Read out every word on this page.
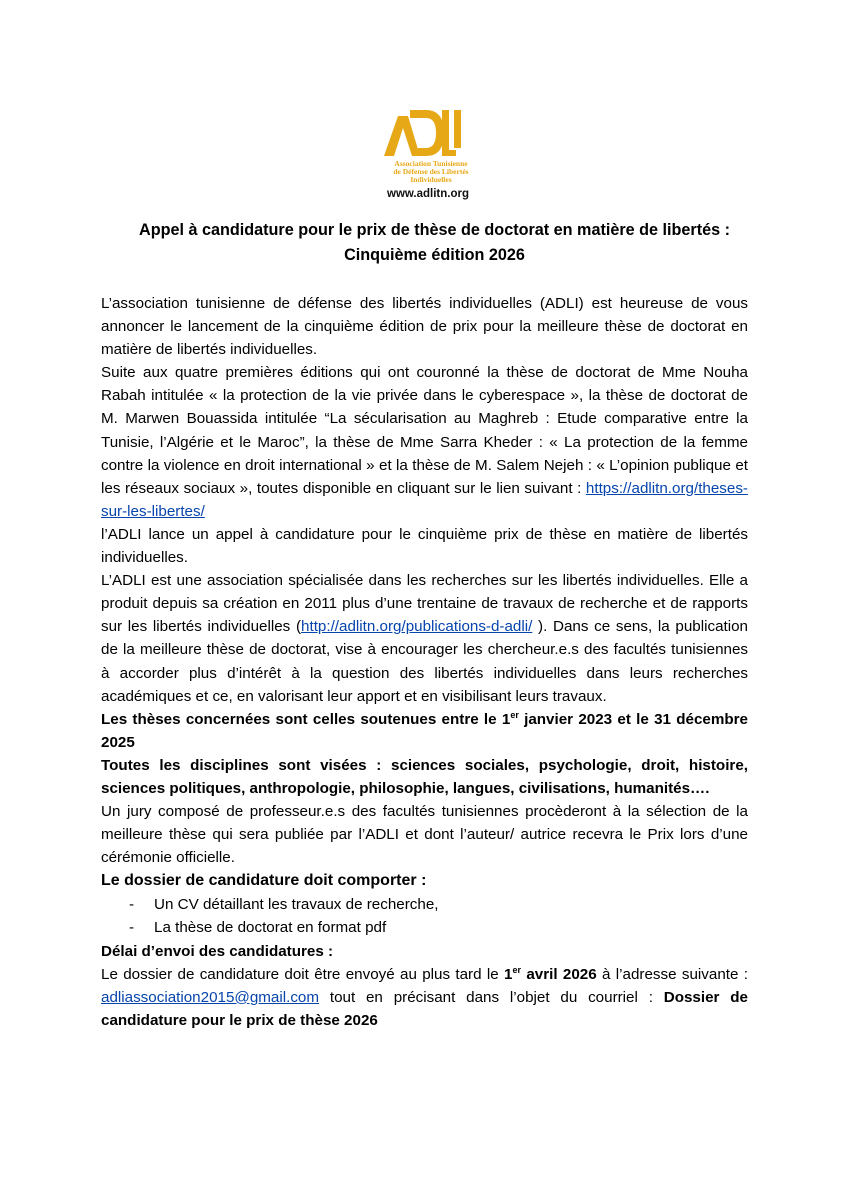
Association Tunisienne
de Défense des Libertés
Individuelles
www.adlitn.org
Appel à candidature pour le prix de thèse de doctorat en matière de libertés :
Cinquième édition 2026

L’association tunisienne de défense des libertés individuelles (ADLI) est heureuse de vous annoncer le lancement de la cinquième édition de prix pour la meilleure thèse de doctorat en matière de libertés individuelles.

Suite aux quatre premières éditions qui ont couronné la thèse de doctorat de Mme Nouha Rabah intitulée « la protection de la vie privée dans le cyberespace », la thèse de doctorat de M. Marwen Bouassida intitulée “La sécularisation au Maghreb : Etude comparative entre la Tunisie, l’Algérie et le Maroc”, la thèse de Mme Sarra Kheder : « La protection de la femme contre la violence en droit international » et la thèse de M. Salem Nejeh : « L’opinion publique et les réseaux sociaux », toutes disponible en cliquant sur le lien suivant : https://adlitn.org/theses-sur-les-libertes/

l’ADLI lance un appel à candidature pour le cinquième prix de thèse en matière de libertés individuelles.

L’ADLI est une association spécialisée dans les recherches sur les libertés individuelles. Elle a produit depuis sa création en 2011 plus d’une trentaine de travaux de recherche et de rapports sur les libertés individuelles (http://adlitn.org/publications-d-adli/ ). Dans ce sens, la publication de la meilleure thèse de doctorat, vise à encourager les chercheur.e.s des facultés tunisiennes à accorder plus d’intérêt à la question des libertés individuelles dans leurs recherches académiques et ce, en valorisant leur apport et en visibilisant leurs travaux.

Les thèses concernées sont celles soutenues entre le 1er janvier 2023 et le 31 décembre 2025

Toutes les disciplines sont visées : sciences sociales, psychologie, droit, histoire, sciences politiques, anthropologie, philosophie, langues, civilisations, humanités….

Un jury composé de professeur.e.s des facultés tunisiennes procèderont à la sélection de la meilleure thèse qui sera publiée par l’ADLI et dont l’auteur/ autrice recevra le Prix lors d’une cérémonie officielle.

Le dossier de candidature doit comporter :
- Un CV détaillant les travaux de recherche,
- La thèse de doctorat en format pdf
Délai d’envoi des candidatures :

Le dossier de candidature doit être envoyé au plus tard le 1er avril 2026 à l’adresse suivante : adliassociation2015@gmail.com tout en précisant dans l’objet du courriel : Dossier de candidature pour le prix de thèse 2026
